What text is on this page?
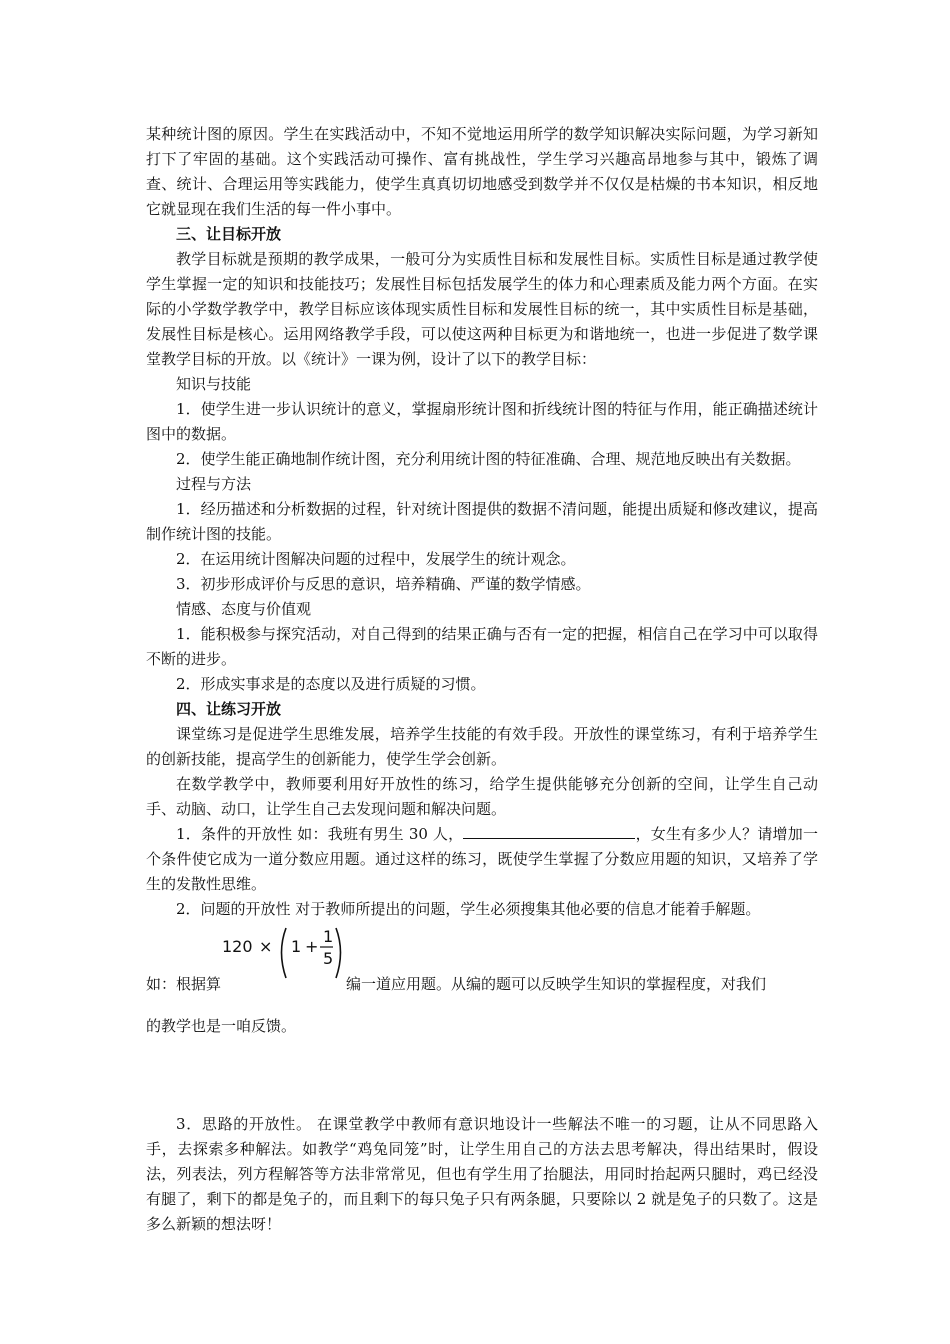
某种统计图的原因。学生在实践活动中，不知不觉地运用所学的数学知识解决实际问题，为学习新知打下了牢固的基础。这个实践活动可操作、富有挑战性，学生学习兴趣高昂地参与其中，锻炼了调查、统计、合理运用等实践能力，使学生真真切切地感受到数学并不仅仅是枯燥的书本知识，相反地它就显现在我们生活的每一件小事中。

三、让目标开放

教学目标就是预期的教学成果，一般可分为实质性目标和发展性目标。实质性目标是通过教学使学生掌握一定的知识和技能技巧；发展性目标包括发展学生的体力和心理素质及能力两个方面。在实际的小学数学教学中，教学目标应该体现实质性目标和发展性目标的统一，其中实质性目标是基础，发展性目标是核心。运用网络教学手段，可以使这两种目标更为和谐地统一，也进一步促进了数学课堂教学目标的开放。以《统计》一课为例，设计了以下的教学目标：

知识与技能

1．使学生进一步认识统计的意义，掌握扇形统计图和折线统计图的特征与作用，能正确描述统计图中的数据。

2．使学生能正确地制作统计图，充分利用统计图的特征准确、合理、规范地反映出有关数据。

过程与方法

1．经历描述和分析数据的过程，针对统计图提供的数据不清问题，能提出质疑和修改建议，提高制作统计图的技能。

2．在运用统计图解决问题的过程中，发展学生的统计观念。

3．初步形成评价与反思的意识，培养精确、严谨的数学情感。

情感、态度与价值观

1．能积极参与探究活动，对自己得到的结果正确与否有一定的把握，相信自己在学习中可以取得不断的进步。

2．形成实事求是的态度以及进行质疑的习惯。

四、让练习开放

课堂练习是促进学生思维发展，培养学生技能的有效手段。开放性的课堂练习，有利于培养学生的创新技能，提高学生的创新能力，使学生学会创新。

在数学教学中，教师要利用好开放性的练习，给学生提供能够充分创新的空间，让学生自己动手、动脑、动口，让学生自己去发现问题和解决问题。

1．条件的开放性 如：我班有男生 30 人，	，女生有多少人？请增加一个条件使它成为一道分数应用题。通过这样的练习，既使学生掌握了分数应用题的知识，又培养了学生的发散性思维。

2．问题的开放性 对于教师所提出的问题，学生必须搜集其他必要的信息才能着手解题。

如：根据算
120 × 1 +
1
5
编一道应用题。从编的题可以反映学生知识的掌握程度，对我们

的教学也是一咱反馈。

3．思路的开放性。 在课堂教学中教师有意识地设计一些解法不唯一的习题，让从不同思路入手，去探索多种解法。如教学“鸡兔同笼”时，让学生用自己的方法去思考解决，得出结果时，假设法，列表法，列方程解答等方法非常常见，但也有学生用了抬腿法，用同时抬起两只腿时，鸡已经没有腿了，剩下的都是兔子的，而且剩下的每只兔子只有两条腿，只要除以 2 就是兔子的只数了。这是多么新颖的想法呀！
